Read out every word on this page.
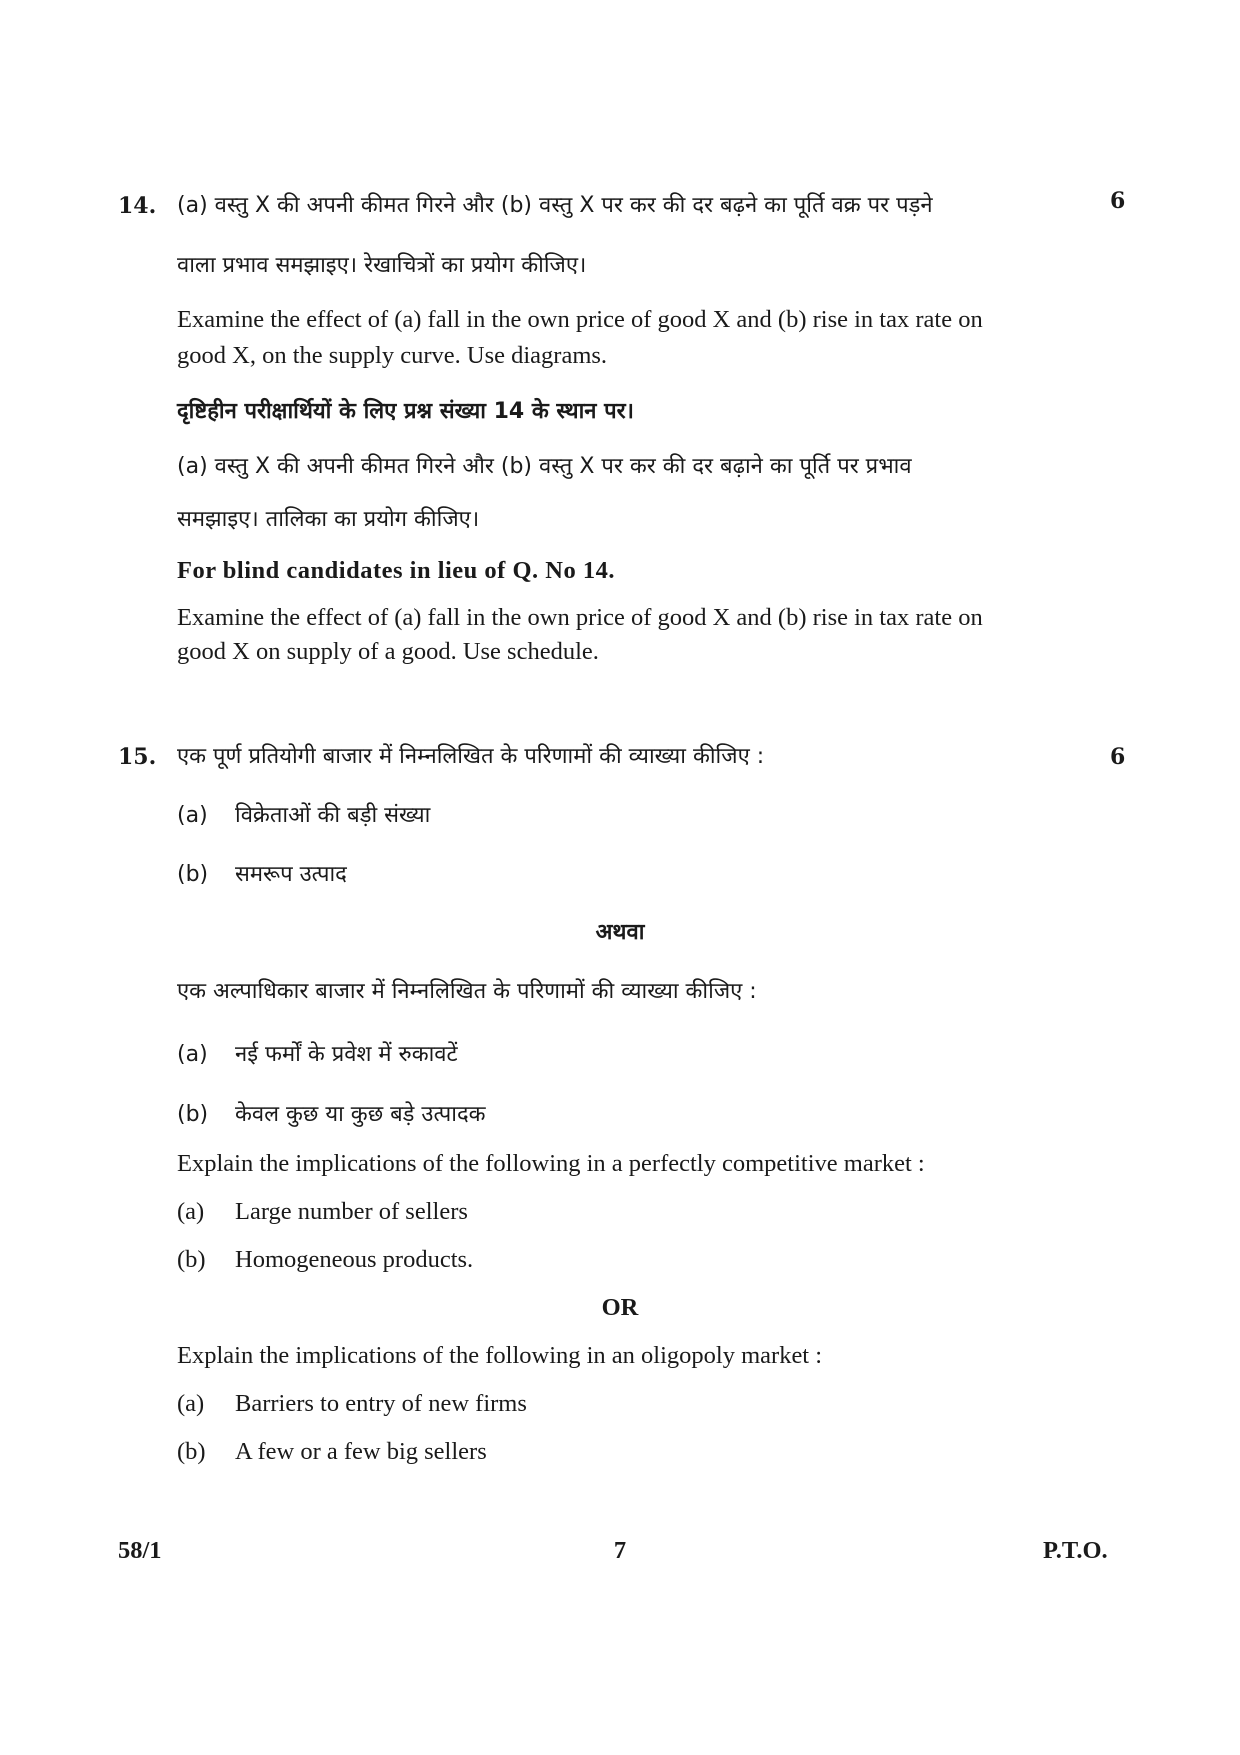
14.	6
(a) वस्तु X की अपनी कीमत गिरने और (b) वस्तु X पर कर की दर बढ़ने का पूर्ति वक्र पर पड़ने
वाला प्रभाव समझाइए। रेखाचित्रों का प्रयोग कीजिए।
Examine the effect of (a) fall in the own price of good X and (b) rise in tax rate on
good X, on the supply curve. Use diagrams.
दृष्टिहीन परीक्षार्थियों के लिए प्रश्न संख्या 14 के स्थान पर।
(a) वस्तु X की अपनी कीमत गिरने और (b) वस्तु X पर कर की दर बढ़ाने का पूर्ति पर प्रभाव
समझाइए। तालिका का प्रयोग कीजिए।
For blind candidates in lieu of Q. No 14.
Examine the effect of (a) fall in the own price of good X and (b) rise in tax rate on
good X on supply of a good. Use schedule.
15.	6
एक पूर्ण प्रतियोगी बाजार में निम्नलिखित के परिणामों की व्याख्या कीजिए :
(a) विक्रेताओं की बड़ी संख्या
(b) समरूप उत्पाद
अथवा
एक अल्पाधिकार बाजार में निम्नलिखित के परिणामों की व्याख्या कीजिए :
(a) नई फर्मों के प्रवेश में रुकावटें
(b) केवल कुछ या कुछ बड़े उत्पादक
Explain the implications of the following in a perfectly competitive market :
(a) Large number of sellers
(b) Homogeneous products.
OR
Explain the implications of the following in an oligopoly market :
(a) Barriers to entry of new firms
(b) A few or a few big sellers
58/1	7	P.T.O.
